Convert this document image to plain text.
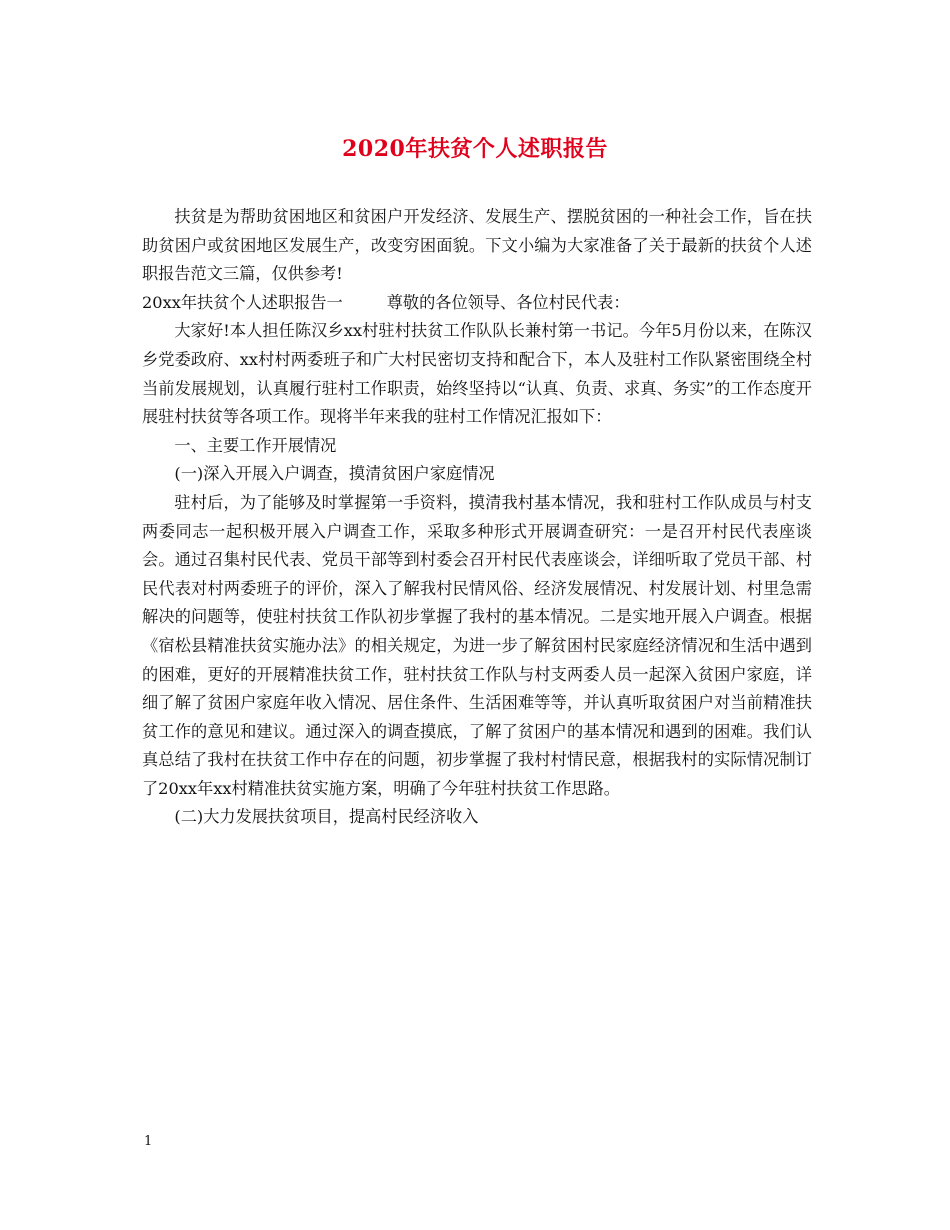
2020年扶贫个人述职报告

扶贫是为帮助贫困地区和贫困户开发经济、发展生产、摆脱贫困的一种社会工作，旨在扶助贫困户或贫困地区发展生产，改变穷困面貌。下文小编为大家准备了关于最新的扶贫个人述职报告范文三篇，仅供参考!

20xx年扶贫个人述职报告一	尊敬的各位领导、各位村民代表：

大家好!本人担任陈汉乡xx村驻村扶贫工作队队长兼村第一书记。今年5月份以来，在陈汉乡党委政府、xx村村两委班子和广大村民密切支持和配合下，本人及驻村工作队紧密围绕全村当前发展规划，认真履行驻村工作职责，始终坚持以“认真、负责、求真、务实”的工作态度开展驻村扶贫等各项工作。现将半年来我的驻村工作情况汇报如下：

一、主要工作开展情况

(一)深入开展入户调查，摸清贫困户家庭情况

驻村后，为了能够及时掌握第一手资料，摸清我村基本情况，我和驻村工作队成员与村支两委同志一起积极开展入户调查工作，采取多种形式开展调查研究：一是召开村民代表座谈会。通过召集村民代表、党员干部等到村委会召开村民代表座谈会，详细听取了党员干部、村民代表对村两委班子的评价，深入了解我村民情风俗、经济发展情况、村发展计划、村里急需解决的问题等，使驻村扶贫工作队初步掌握了我村的基本情况。二是实地开展入户调查。根据《宿松县精准扶贫实施办法》的相关规定，为进一步了解贫困村民家庭经济情况和生活中遇到的困难，更好的开展精准扶贫工作，驻村扶贫工作队与村支两委人员一起深入贫困户家庭，详细了解了贫困户家庭年收入情况、居住条件、生活困难等等，并认真听取贫困户对当前精准扶贫工作的意见和建议。通过深入的调查摸底，了解了贫困户的基本情况和遇到的困难。我们认真总结了我村在扶贫工作中存在的问题，初步掌握了我村村情民意，根据我村的实际情况制订了20xx年xx村精准扶贫实施方案，明确了今年驻村扶贫工作思路。

(二)大力发展扶贫项目，提高村民经济收入

1
